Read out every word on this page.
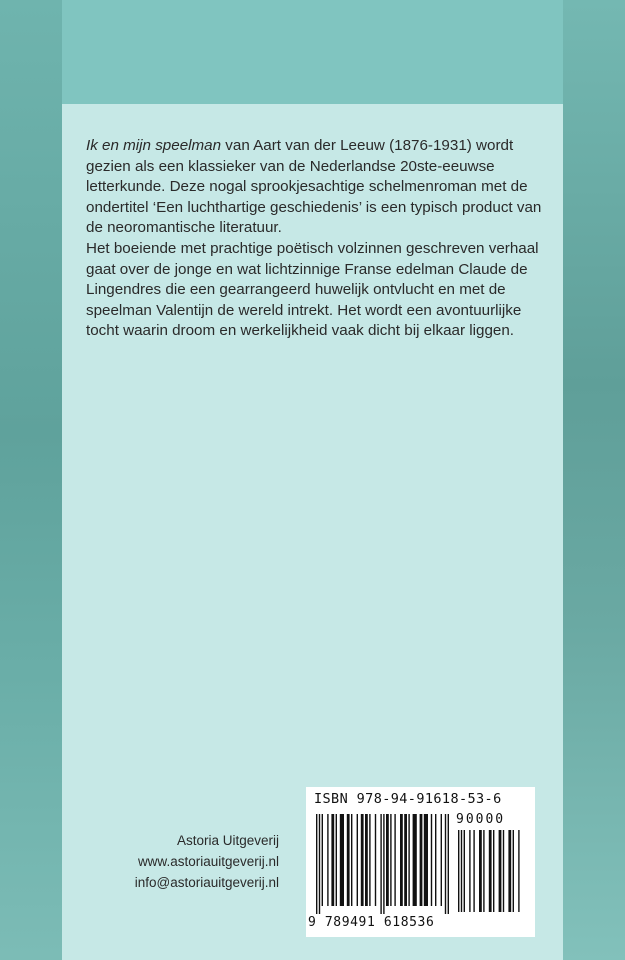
Ik en mijn speelman van Aart van der Leeuw (1876-1931) wordt gezien als een klassieker van de Nederlandse 20ste-eeuwse letterkunde. Deze nogal sprookjesachtige schelmenroman met de ondertitel ‘Een luchthartige geschiedenis’ is een typisch product van de neoromantische literatuur.

Het boeiende met prachtige poëtisch volzinnen geschreven verhaal gaat over de jonge en wat lichtzinnige Franse edelman Claude de Lingendres die een gearrangeerd huwelijk ontvlucht en met de speelman Valentijn de wereld intrekt. Het wordt een avontuurlijke tocht waarin droom en werkelijkheid vaak dicht bij elkaar liggen.

Astoria Uitgeverij
www.astoriauitgeverij.nl
info@astoriauitgeverij.nl
ISBN 978-94-91618-53-6
90000
9 789491 618536
